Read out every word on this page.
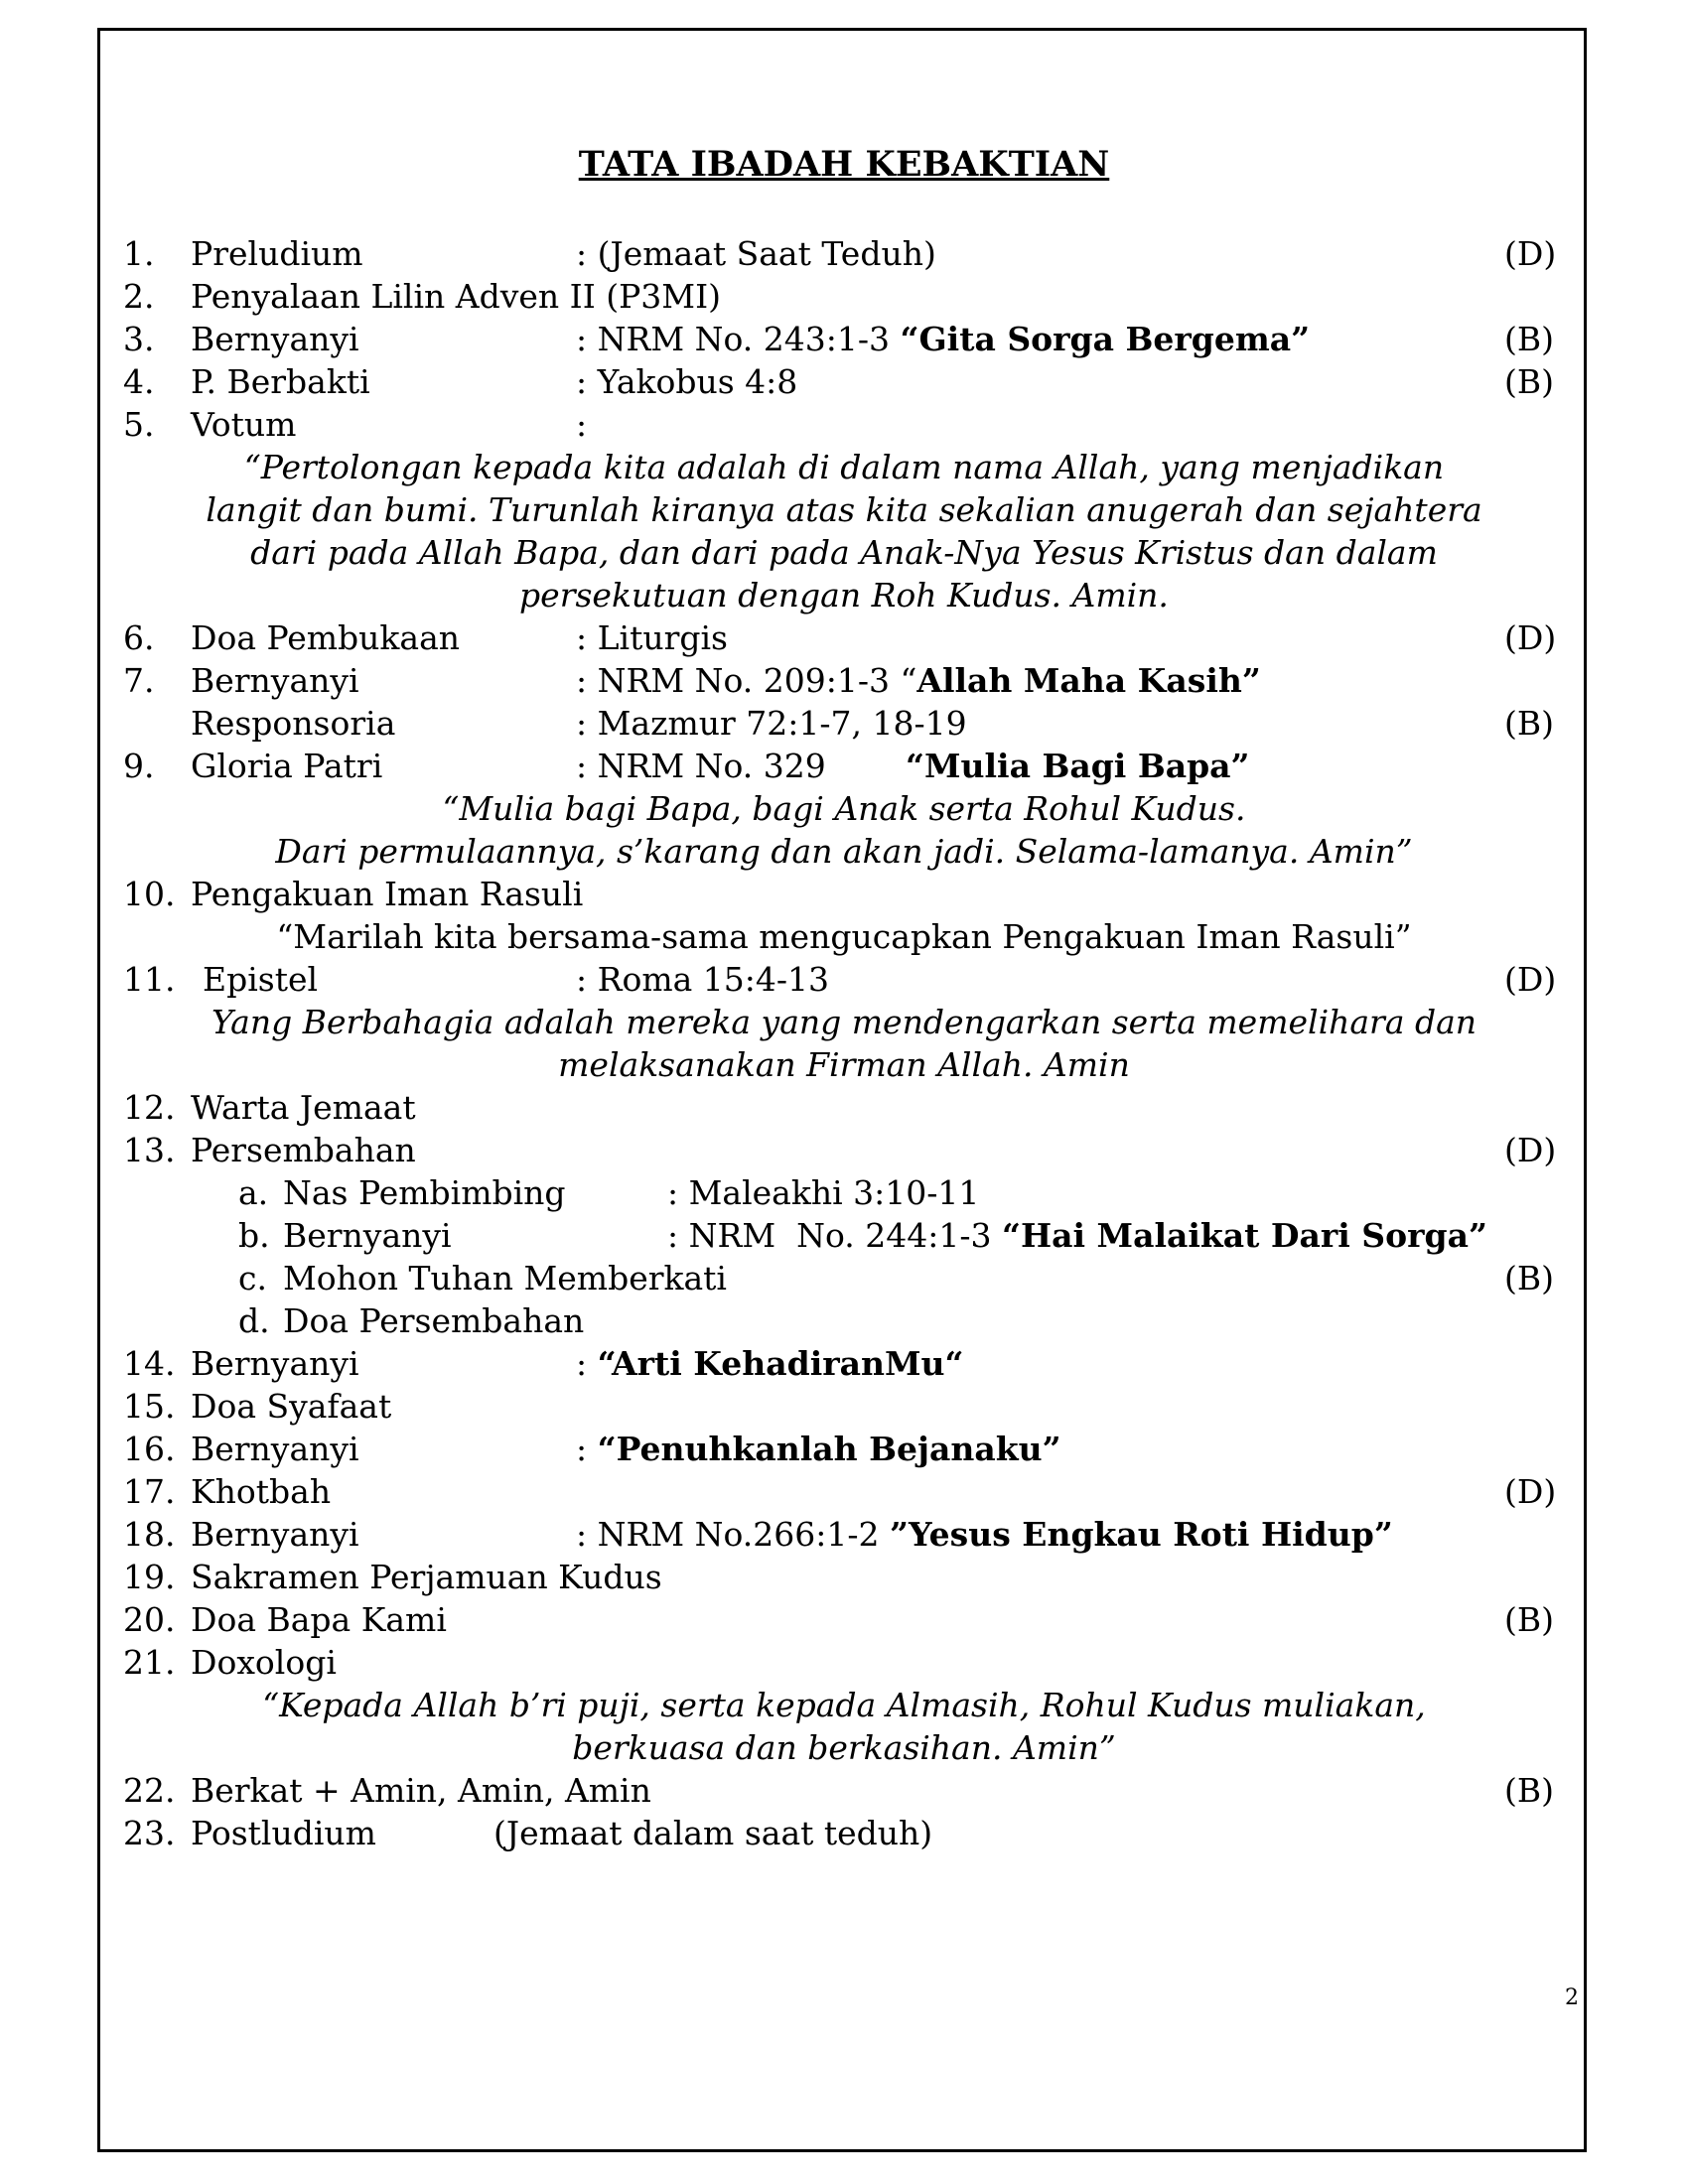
TATA IBADAH KEBAKTIAN
1. Preludium	: (Jemaat Saat Teduh)	(D)
2. Penyalaan Lilin Adven II (P3MI)
3. Bernyanyi	: NRM No. 243:1-3 “Gita Sorga Bergema”	(B)
4. P. Berbakti	: Yakobus 4:8	(B)
5. Votum	:
“Pertolongan kepada kita adalah di dalam nama Allah, yang menjadikan
langit dan bumi. Turunlah kiranya atas kita sekalian anugerah dan sejahtera
dari pada Allah Bapa, dan dari pada Anak-Nya Yesus Kristus dan dalam
persekutuan dengan Roh Kudus. Amin.
6. Doa Pembukaan	: Liturgis	(D)
7. Bernyanyi	: NRM No. 209:1-3 “Allah Maha Kasih”
Responsoria	: Mazmur 72:1-7, 18-19	(B)
9. Gloria Patri	: NRM No. 329 “Mulia Bagi Bapa”
“Mulia bagi Bapa, bagi Anak serta Rohul Kudus.
Dari permulaannya, s’karang dan akan jadi. Selama-lamanya. Amin”
10. Pengakuan Iman Rasuli
“Marilah kita bersama-sama mengucapkan Pengakuan Iman Rasuli”
11. Epistel	: Roma 15:4-13	(D)
Yang Berbahagia adalah mereka yang mendengarkan serta memelihara dan
melaksanakan Firman Allah. Amin
12. Warta Jemaat
13. Persembahan	(D)
a. Nas Pembimbing	: Maleakhi 3:10-11
b. Bernyanyi	: NRM  No. 244:1-3 “Hai Malaikat Dari Sorga”
c. Mohon Tuhan Memberkati	(B)
d. Doa Persembahan
14. Bernyanyi	: “Arti KehadiranMu“
15. Doa Syafaat
16. Bernyanyi	: “Penuhkanlah Bejanaku”
17. Khotbah	(D)
18. Bernyanyi	: NRM No.266:1-2 ”Yesus Engkau Roti Hidup”
19. Sakramen Perjamuan Kudus
20. Doa Bapa Kami	(B)
21. Doxologi
“Kepada Allah b’ri puji, serta kepada Almasih, Rohul Kudus muliakan,
berkuasa dan berkasihan. Amin”
22. Berkat + Amin, Amin, Amin	(B)
23. Postludium	(Jemaat dalam saat teduh)
2
